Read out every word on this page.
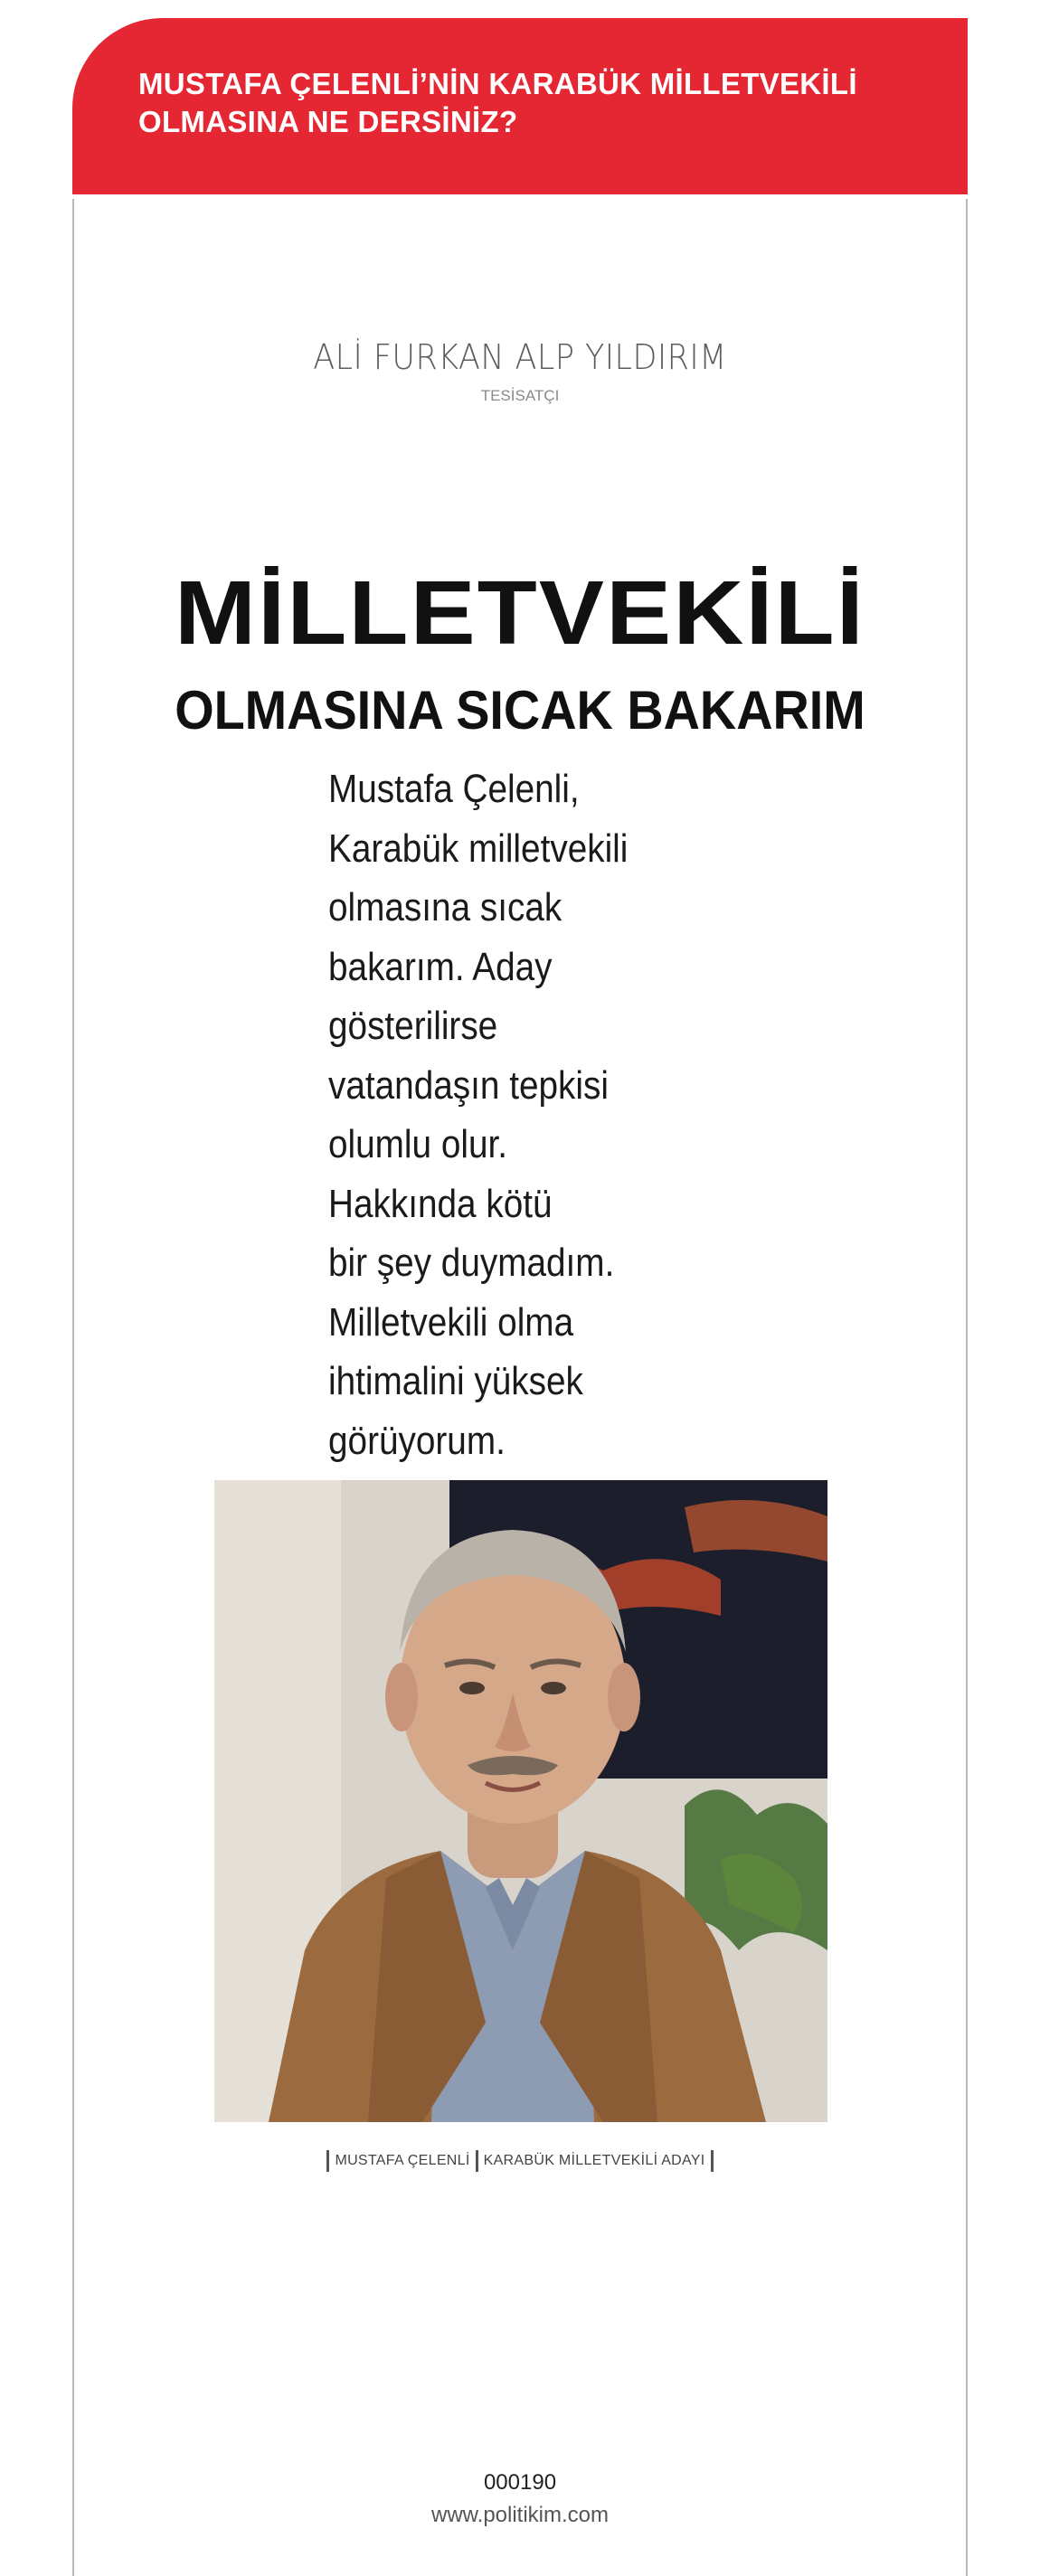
MUSTAFA ÇELENLİ’NİN KARABÜK MİLLETVEKİLİ
OLMASINA NE DERSİNİZ?
ALİ FURKAN ALP YILDIRIM
TESİSATÇI
MİLLETVEKİLİ
OLMASINA SICAK BAKARIM
Mustafa Çelenli,
Karabük milletvekili
olmasına sıcak
bakarım. Aday
gösterilirse
vatandaşın tepkisi
olumlu olur.
Hakkında kötü
bir şey duymadım.
Milletvekili olma
ihtimalini yüksek
görüyorum.
MUSTAFA ÇELENLİ KARABÜK MİLLETVEKİLİ ADAYI
000190
www.politikim.com
